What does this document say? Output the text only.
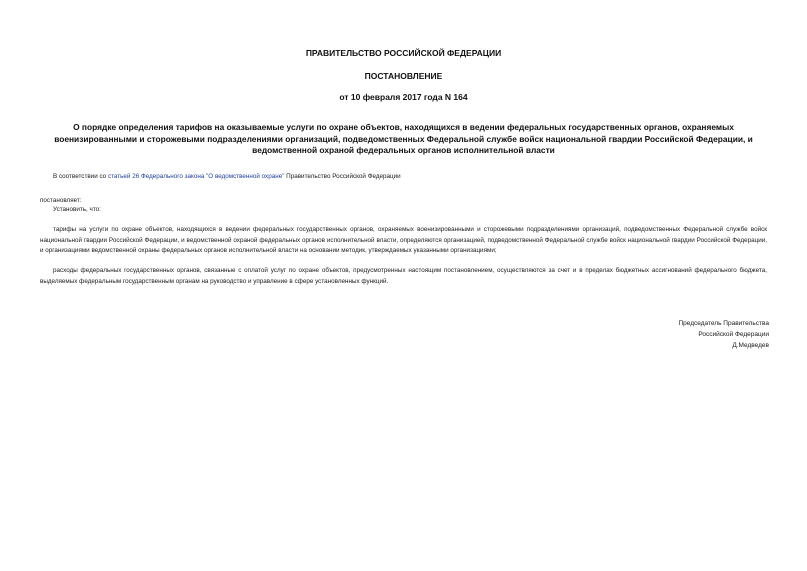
ПРАВИТЕЛЬСТВО РОССИЙСКОЙ ФЕДЕРАЦИИ
ПОСТАНОВЛЕНИЕ
от 10 февраля 2017 года N 164
О порядке определения тарифов на оказываемые услуги по охране объектов, находящихся в ведении федеральных государственных органов, охраняемых военизированными и сторожевыми подразделениями организаций, подведомственных Федеральной службе войск национальной гвардии Российской Федерации, и ведомственной охраной федеральных органов исполнительной власти
В соответствии со статьей 26 Федерального закона "О ведомственной охране" Правительство Российской Федерации
постановляет:
Установить, что:
тарифы на услуги по охране объектов, находящихся в ведении федеральных государственных органов, охраняемых военизированными и сторожевыми подразделениями организаций, подведомственных Федеральной службе войск национальной гвардии Российской Федерации, и ведомственной охраной федеральных органов исполнительной власти, определяются организацией, подведомственной Федеральной службе войск национальной гвардии Российской Федерации, и организациями ведомственной охраны федеральных органов исполнительной власти на основании методик, утверждаемых указанными организациями;
расходы федеральных государственных органов, связанные с оплатой услуг по охране объектов, предусмотренных настоящим постановлением, осуществляются за счет и в пределах бюджетных ассигнований федерального бюджета, выделяемых федеральным государственным органам на руководство и управление в сфере установленных функций.
Председатель Правительства
Российской Федерации
Д.Медведев
